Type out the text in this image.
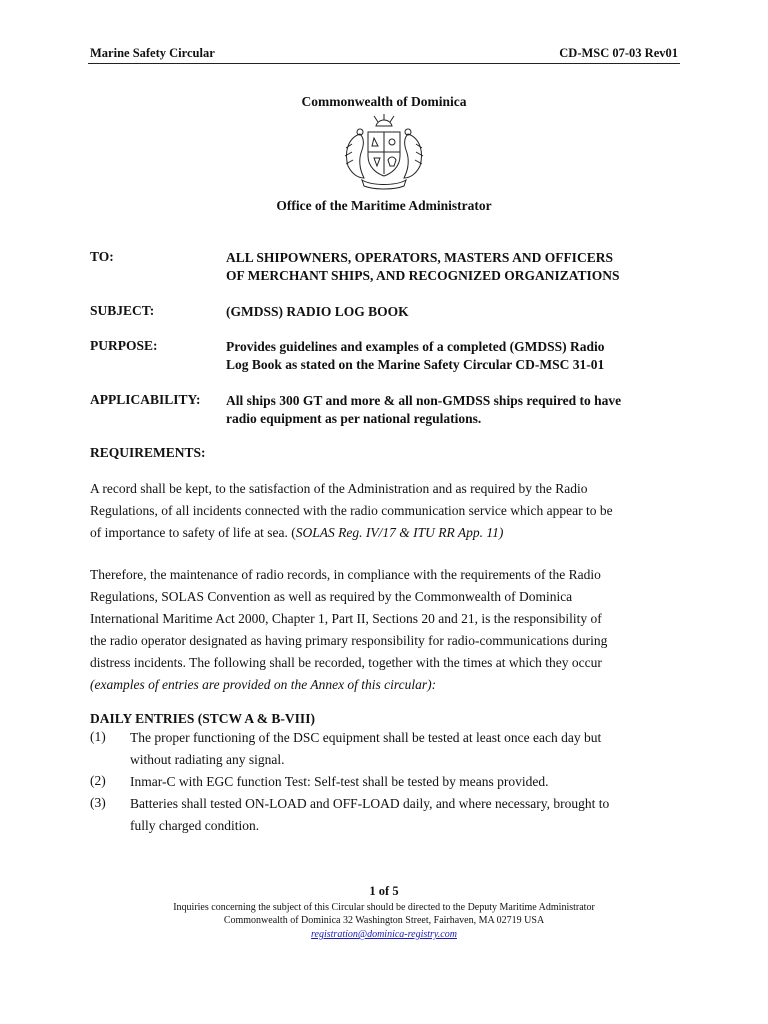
Marine Safety Circular	CD-MSC 07-03 Rev01
Commonwealth of Dominica
Office of the Maritime Administrator
TO:	ALL SHIPOWNERS, OPERATORS, MASTERS AND OFFICERS
OF MERCHANT SHIPS, AND RECOGNIZED ORGANIZATIONS
SUBJECT:	(GMDSS) RADIO LOG BOOK
PURPOSE:	Provides guidelines and examples of a completed (GMDSS) Radio
Log Book as stated on the Marine Safety Circular CD-MSC 31-01
APPLICABILITY: All ships 300 GT and more & all non-GMDSS ships required to have
radio equipment as per national regulations.
REQUIREMENTS:
A record shall be kept, to the satisfaction of the Administration and as required by the Radio
Regulations, of all incidents connected with the radio communication service which appear to be
of importance to safety of life at sea. (SOLAS Reg. IV/17 & ITU RR App. 11)
Therefore, the maintenance of radio records, in compliance with the requirements of the Radio
Regulations, SOLAS Convention as well as required by the Commonwealth of Dominica
International Maritime Act 2000, Chapter 1, Part II, Sections 20 and 21, is the responsibility of
the radio operator designated as having primary responsibility for radio-communications during
distress incidents. The following shall be recorded, together with the times at which they occur
(examples of entries are provided on the Annex of this circular):
DAILY ENTRIES (STCW A & B-VIII)
(1) The proper functioning of the DSC equipment shall be tested at least once each day but
without radiating any signal.
(2) Inmar-C with EGC function Test: Self-test shall be tested by means provided.
(3) Batteries shall tested ON-LOAD and OFF-LOAD daily, and where necessary, brought to
fully charged condition.
1 of 5
Inquiries concerning the subject of this Circular should be directed to the Deputy Maritime Administrator
Commonwealth of Dominica 32 Washington Street, Fairhaven, MA 02719 USA
registration@dominica-registry.com
